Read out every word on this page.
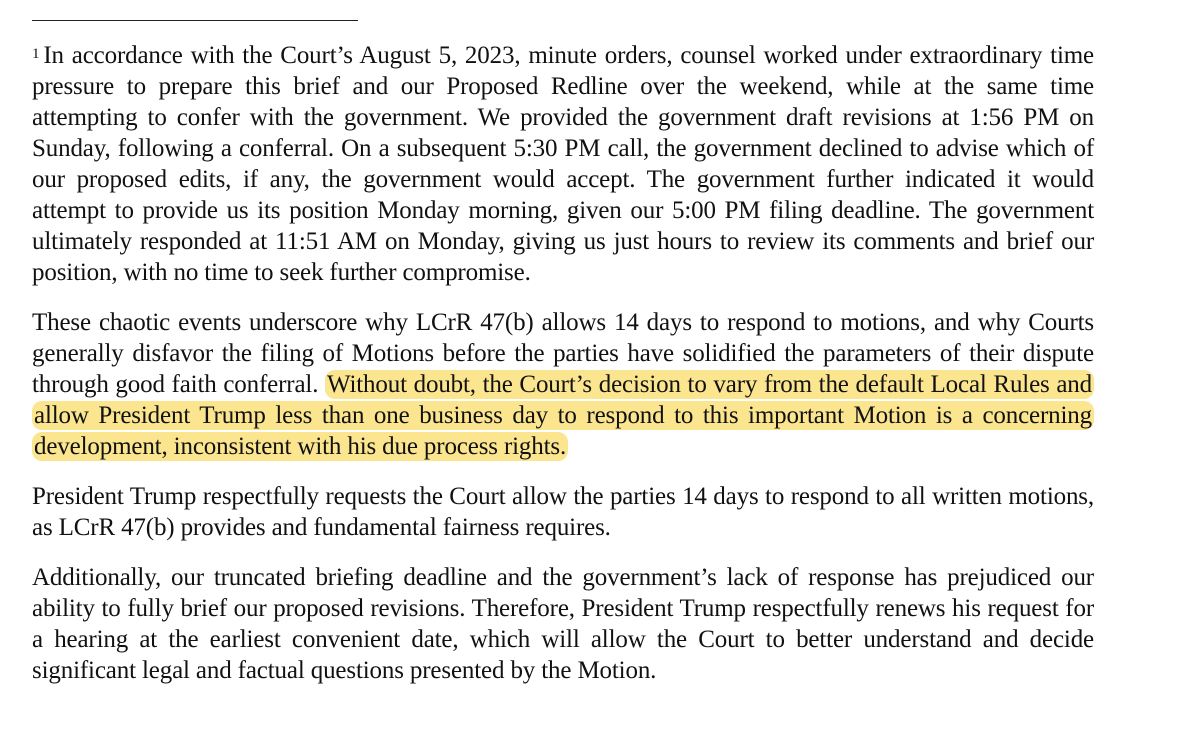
$^1$ In accordance with the Court’s August 5, 2023, minute orders, counsel worked under extraordinary time pressure to prepare this brief and our Proposed Redline over the weekend, while at the same time attempting to confer with the government. We provided the government draft revisions at 1:56 PM on Sunday, following a conferral. On a subsequent 5:30 PM call, the government declined to advise which of our proposed edits, if any, the government would accept. The government further indicated it would attempt to provide us its position Monday morning, given our 5:00 PM filing deadline. The government ultimately responded at 11:51 AM on Monday, giving us just hours to review its comments and brief our position, with no time to seek further compromise.

These chaotic events underscore why LCrR 47(b) allows 14 days to respond to motions, and why Courts generally disfavor the filing of Motions before the parties have solidified the parameters of their dispute through good faith conferral. Without doubt, the Court’s decision to vary from the default Local Rules and allow President Trump less than one business day to respond to this important Motion is a concerning development, inconsistent with his due process rights.

President Trump respectfully requests the Court allow the parties 14 days to respond to all written motions, as LCrR 47(b) provides and fundamental fairness requires.

Additionally, our truncated briefing deadline and the government’s lack of response has prejudiced our ability to fully brief our proposed revisions. Therefore, President Trump respectfully renews his request for a hearing at the earliest convenient date, which will allow the Court to better understand and decide significant legal and factual questions presented by the Motion.
